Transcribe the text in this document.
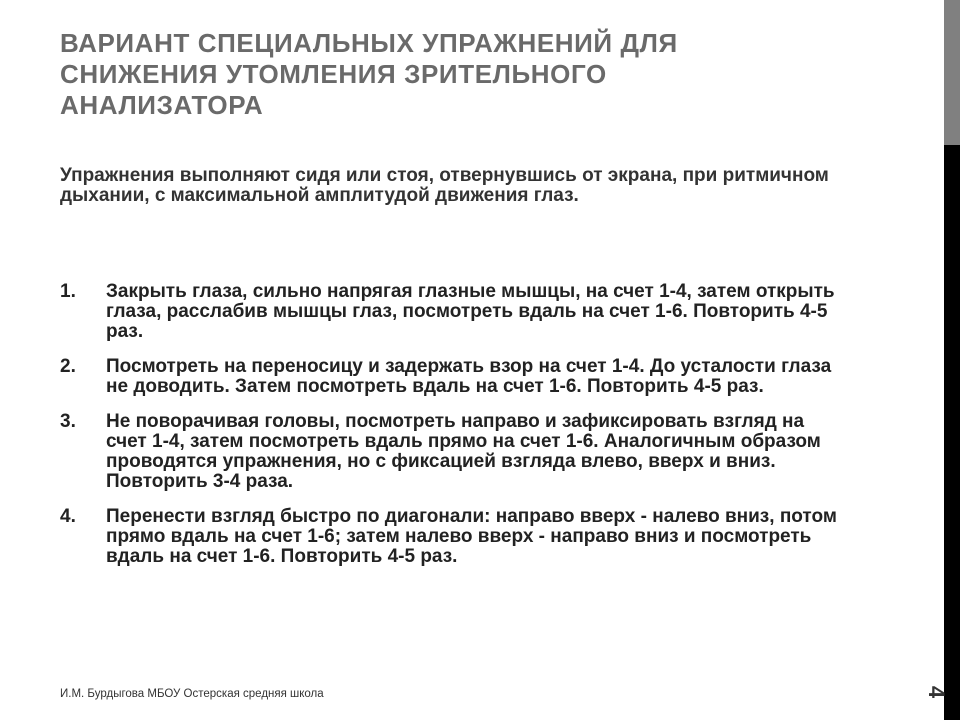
ВАРИАНТ СПЕЦИАЛЬНЫХ УПРАЖНЕНИЙ ДЛЯ СНИЖЕНИЯ УТОМЛЕНИЯ ЗРИТЕЛЬНОГО АНАЛИЗАТОРА

Упражнения выполняют сидя или стоя, отвернувшись от экрана, при ритмичном дыхании, с максимальной амплитудой движения глаз.

1. Закрыть глаза, сильно напрягая глазные мышцы, на счет 1-4, затем открыть глаза, расслабив мышцы глаз, посмотреть вдаль на счет 1-6. Повторить 4-5 раз.
2. Посмотреть на переносицу и задержать взор на счет 1-4. До усталости глаза не доводить. Затем посмотреть вдаль на счет 1-6. Повторить 4-5 раз.
3. Не поворачивая головы, посмотреть направо и зафиксировать взгляд на счет 1-4, затем посмотреть вдаль прямо на счет 1-6. Аналогичным образом проводятся упражнения, но с фиксацией взгляда влево, вверх и вниз. Повторить 3-4 раза.
4. Перенести взгляд быстро по диагонали: направо вверх - налево вниз, потом прямо вдаль на счет 1-6; затем налево вверх - направо вниз и посмотреть вдаль на счет 1-6. Повторить 4-5 раз.
И.М. Бурдыгова МБОУ Остерская средняя школа	4
